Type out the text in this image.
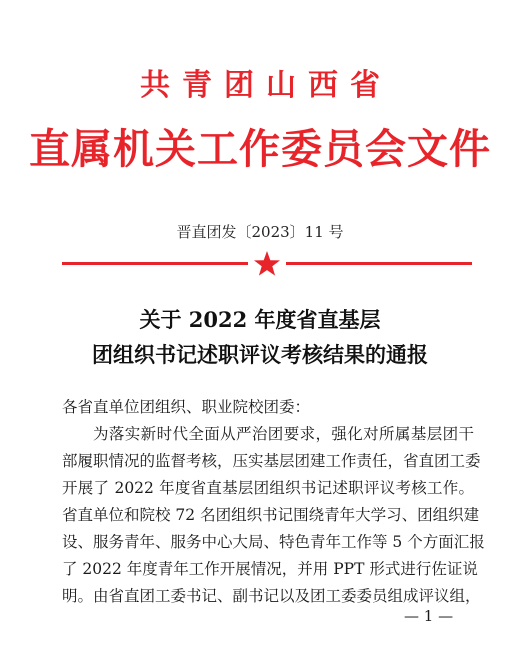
共青团山西省
直属机关工作委员会文件
晋直团发〔2023〕11 号
关于 2022 年度省直基层
团组织书记述职评议考核结果的通报
各省直单位团组织、职业院校团委：
为落实新时代全面从严治团要求，强化对所属基层团干
部履职情况的监督考核，压实基层团建工作责任，省直团工委
开展了 2022 年度省直基层团组织书记述职评议考核工作。
省直单位和院校 72 名团组织书记围绕青年大学习、团组织建
设、服务青年、服务中心大局、特色青年工作等 5 个方面汇报
了 2022 年度青年工作开展情况，并用 PPT 形式进行佐证说
明。由省直团工委书记、副书记以及团工委委员组成评议组，
— 1 —
